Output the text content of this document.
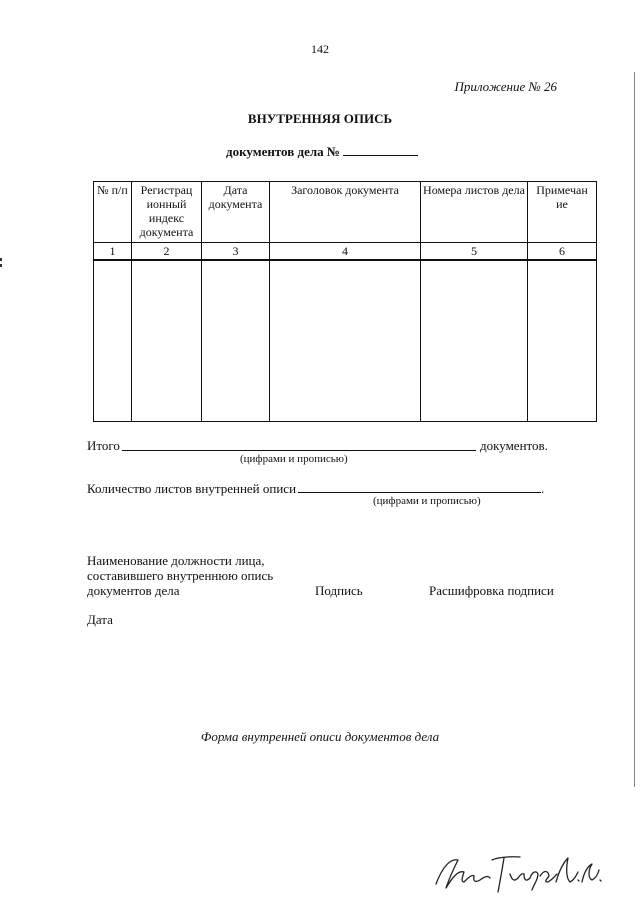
142
Приложение № 26
ВНУТРЕННЯЯ ОПИСЬ
документов дела №
№ п/п	Регистрац ионный индекс документа	Дата документа	Заголовок документа	Номера листов дела	Примечан ие
1	2	3	4	5	6

Итого	документов.
(цифрами и прописью)
Количество листов внутренней описи	.
(цифрами и прописью)
Наименование должности лица,
составившего внутреннюю опись
документов дела	Подпись	Расшифровка подписи
Дата
Форма внутренней описи документов дела
